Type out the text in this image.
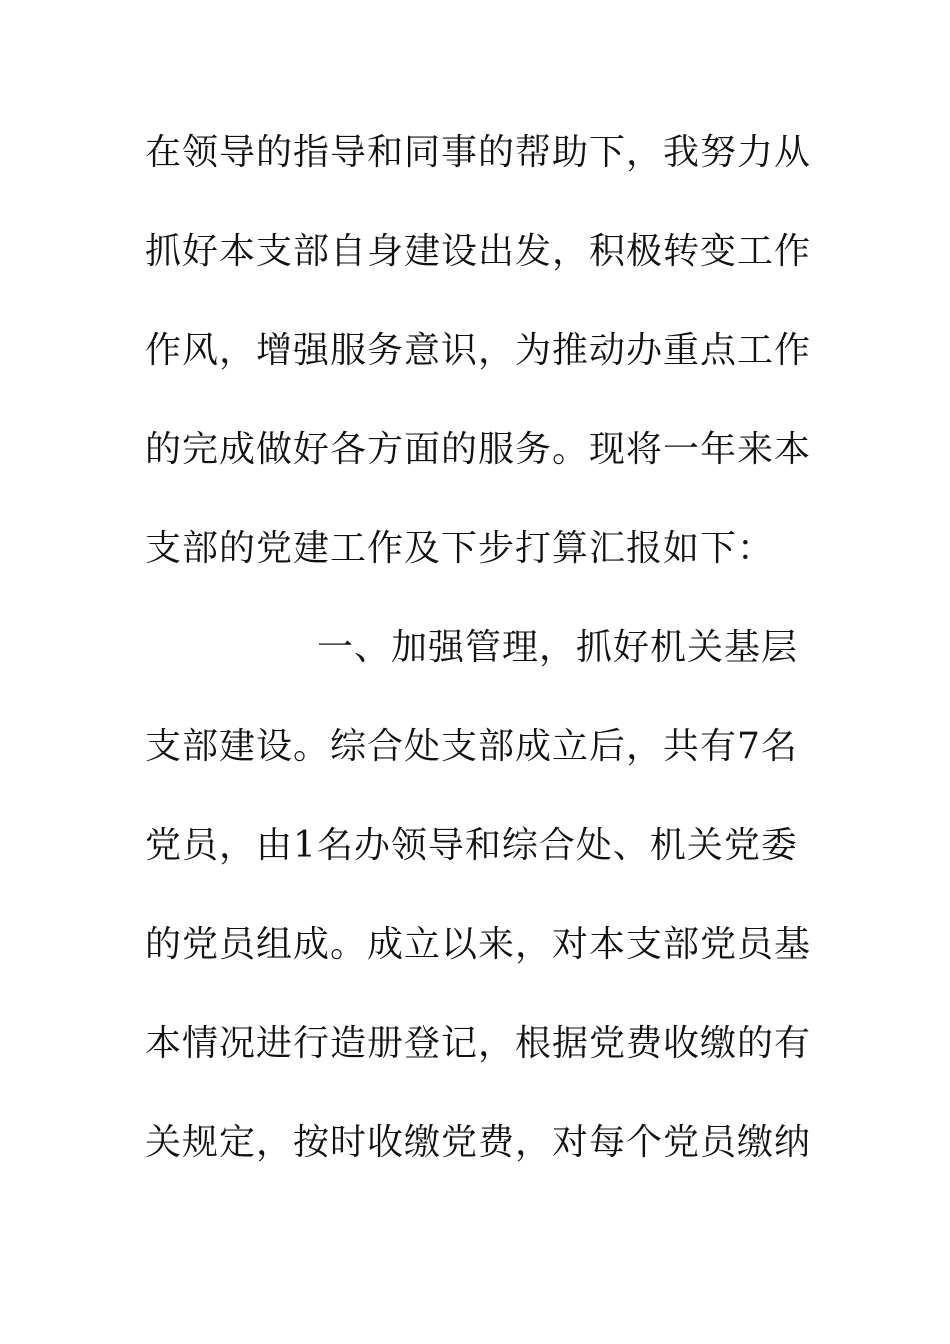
在领导的指导和同事的帮助下，我努力从
抓好本支部自身建设出发，积极转变工作
作风，增强服务意识，为推动办重点工作
的完成做好各方面的服务。现将一年来本
支部的党建工作及下步打算汇报如下：
一、加强管理，抓好机关基层
支部建设。综合处支部成立后，共有7名
党员，由1名办领导和综合处、机关党委
的党员组成。成立以来，对本支部党员基
本情况进行造册登记，根据党费收缴的有
关规定，按时收缴党费，对每个党员缴纳
